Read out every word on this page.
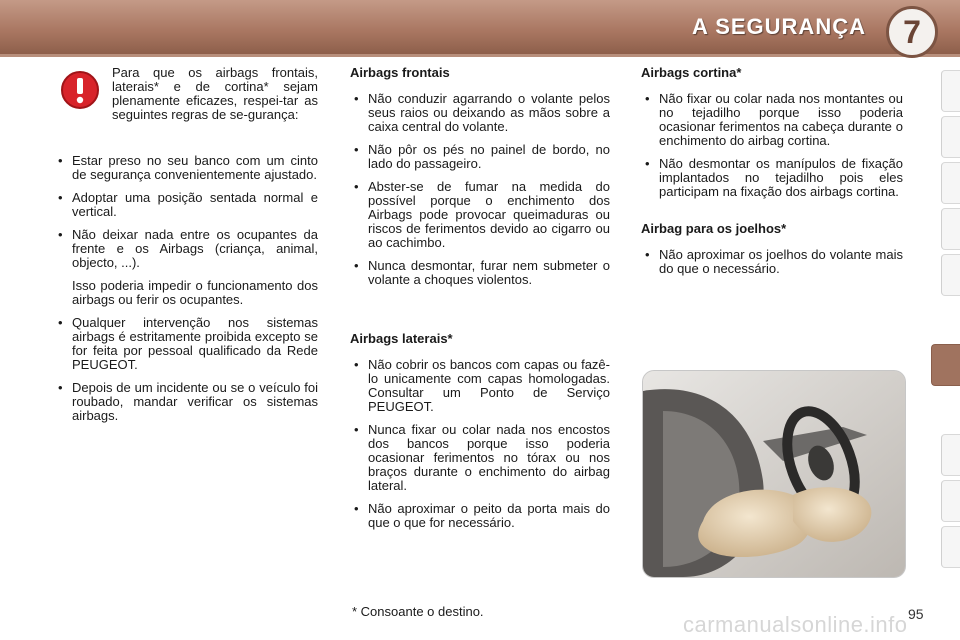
A SEGURANÇA	7
Para que os airbags frontais, laterais* e de cortina* sejam plenamente eficazes, respei-tar as seguintes regras de se-gurança:
• Estar preso no seu banco com um cinto de segurança convenientemente ajustado.
• Adoptar uma posição sentada normal e vertical.
• Não deixar nada entre os ocupantes da frente e os Airbags (criança, animal, objecto, ...).

Isso poderia impedir o funcionamento dos airbags ou ferir os ocupantes.

• Qualquer intervenção nos sistemas airbags é estritamente proibida excepto se for feita por pessoal qualificado da Rede PEUGEOT.
• Depois de um incidente ou se o veículo foi roubado, mandar verificar os sistemas airbags.
Airbags frontais
• Não conduzir agarrando o volante pelos seus raios ou deixando as mãos sobre a caixa central do volante.
• Não pôr os pés no painel de bordo, no lado do passageiro.
• Abster-se de fumar na medida do possível porque o enchimento dos Airbags pode provocar queimaduras ou riscos de ferimentos devido ao cigarro ou ao cachimbo.
• Nunca desmontar, furar nem submeter o volante a choques violentos.
Airbags laterais*
• Não cobrir os bancos com capas ou fazê-lo unicamente com capas homologadas. Consultar um Ponto de Serviço PEUGEOT.
• Nunca fixar ou colar nada nos encostos dos bancos porque isso poderia ocasionar ferimentos no tórax ou nos braços durante o enchimento do airbag lateral.
• Não aproximar o peito da porta mais do que o que for necessário.
Airbags cortina*
• Não fixar ou colar nada nos montantes ou no tejadilho porque isso poderia ocasionar ferimentos na cabeça durante o enchimento do airbag cortina.
• Não desmontar os manípulos de fixação implantados no tejadilho pois eles participam na fixação dos airbags cortina.
Airbag para os joelhos*
• Não aproximar os joelhos do volante mais do que o necessário.
* Consoante o destino.
carmanualsonline.info 95
